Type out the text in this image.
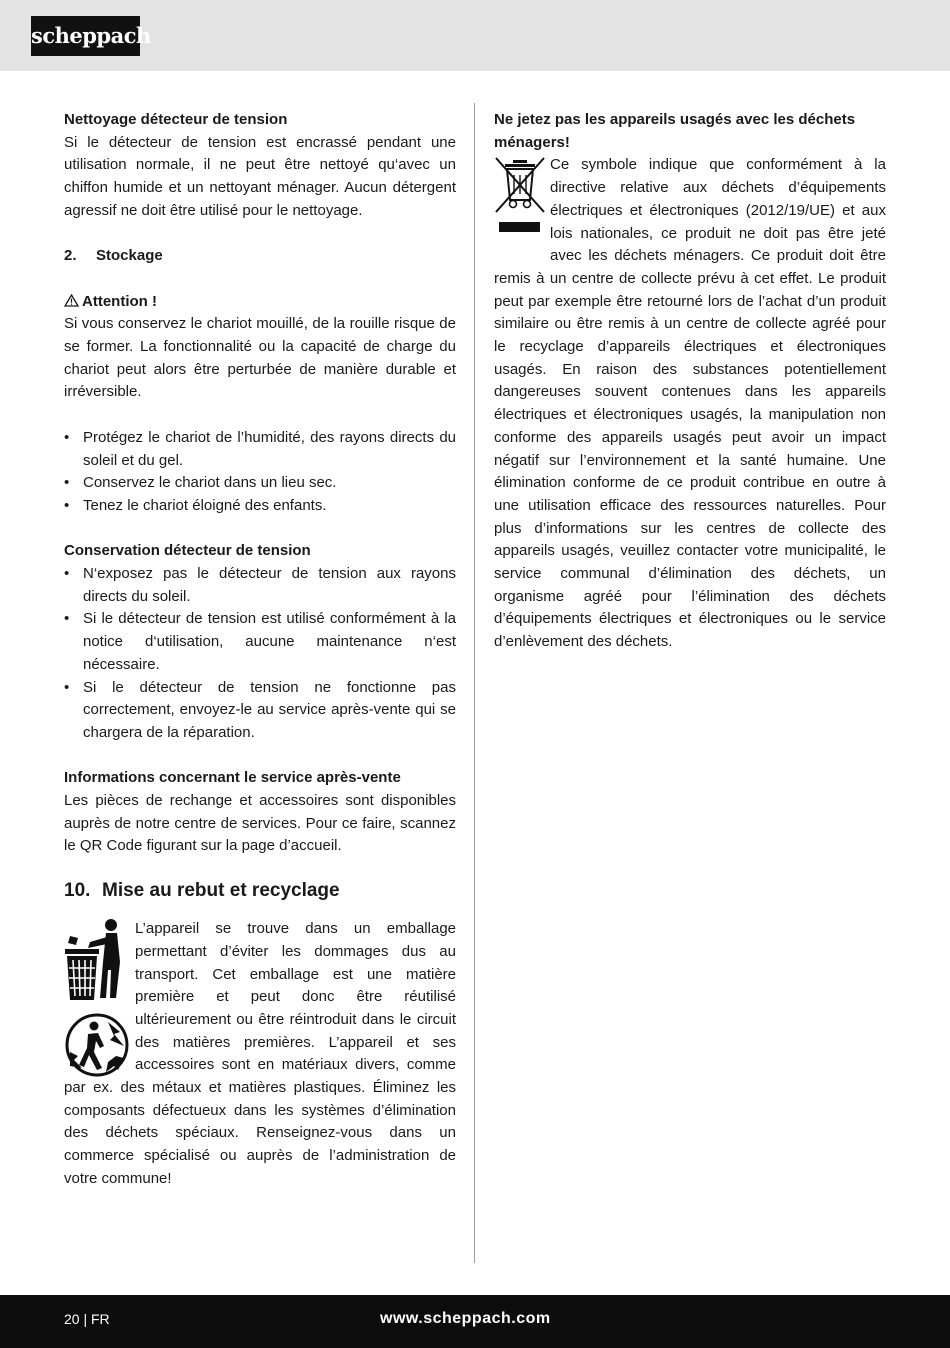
scheppach

Nettoyage détecteur de tension

Si le détecteur de tension est encrassé pendant une utilisation normale, il ne peut être nettoyé qu‘avec un chiffon humide et un nettoyant ménager. Aucun détergent agressif ne doit être utilisé pour le nettoyage.

2. Stockage

Attention !

Si vous conservez le chariot mouillé, de la rouille risque de se former. La fonctionnalité ou la capacité de charge du chariot peut alors être perturbée de manière durable et irréversible.

• Protégez le chariot de l’humidité, des rayons directs du soleil et du gel.
• Conservez le chariot dans un lieu sec.
• Tenez le chariot éloigné des enfants.

Conservation détecteur de tension

• N‘exposez pas le détecteur de tension aux rayons directs du soleil.
• Si le détecteur de tension est utilisé conformément à la notice d‘utilisation, aucune maintenance n‘est nécessaire.
• Si le détecteur de tension ne fonctionne pas correctement, envoyez-le au service après-vente qui se chargera de la réparation.

Informations concernant le service après-vente

Les pièces de rechange et accessoires sont disponibles auprès de notre centre de services. Pour ce faire, scannez le QR Code figurant sur la page d’accueil.

10. Mise au rebut et recyclage

L’appareil se trouve dans un emballage permettant d’éviter les dommages dus au transport. Cet emballage est une matière première et peut donc être réutilisé ultérieurement ou être réintroduit dans le circuit des matières premières. L’appareil et ses accessoires sont en matériaux divers, comme par ex. des métaux et matières plastiques. Éliminez les composants défectueux dans les systèmes d’élimination des déchets spéciaux. Renseignez-vous dans un commerce spécialisé ou auprès de l’administration de votre commune!

Ne jetez pas les appareils usagés avec les déchets ménagers!

Ce symbole indique que conformément à la directive relative aux déchets d’équipements électriques et électroniques (2012/19/UE) et aux lois nationales, ce produit ne doit pas être jeté avec les déchets ménagers. Ce produit doit être remis à un centre de collecte prévu à cet effet. Le produit peut par exemple être retourné lors de l’achat d’un produit similaire ou être remis à un centre de collecte agréé pour le recyclage d’appareils électriques et électroniques usagés. En raison des substances potentiellement dangereuses souvent contenues dans les appareils électriques et électroniques usagés, la manipulation non conforme des appareils usagés peut avoir un impact négatif sur l’environnement et la santé humaine. Une élimination conforme de ce produit contribue en outre à une utilisation efficace des ressources naturelles. Pour plus d’informations sur les centres de collecte des appareils usagés, veuillez contacter votre municipalité, le service communal d’élimination des déchets, un organisme agréé pour l’élimination des déchets d’équipements électriques et électroniques ou le service d’enlèvement des déchets.

20 | FR	www.scheppach.com
